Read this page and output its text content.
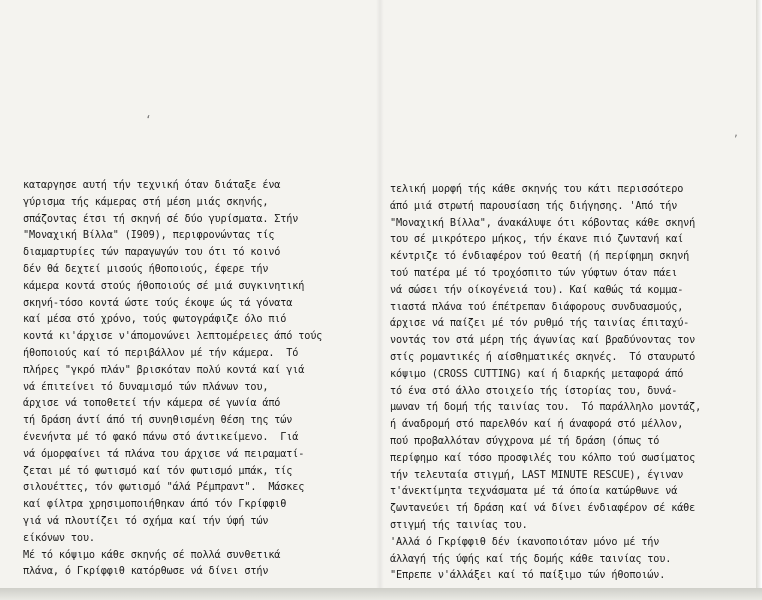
‘
‚
καταργησε αυτή τήν τεχνική όταν διάταξε ένα
γύρισμα τής κάμερας στή μέση μιάς σκηνής,
σπάζοντας έτσι τή σκηνή σέ δύο γυρίσματα. Στήν
"Μοναχική Βίλλα" (Ι909), περιφρονώντας τίς
διαμαρτυρίες τών παραγωγών του ότι τό κοινό
δέν θά δεχτεί μισούς ήθοποιούς, έφερε τήν
κάμερα κοντά στούς ήθοποιούς σέ μιά συγκινητική
σκηνή-τόσο κοντά ώστε τούς έκοψε ώς τά γόνατα
καί μέσα στό χρόνο, τούς φωτογράφιζε όλο πιό
κοντά κι'άρχισε ν'άπομονώνει λεπτομέρειες άπό τούς
ήθοποιούς καί τό περιβάλλον μέ τήν κάμερα.  Τό
πλήρες "γκρό πλάν" βρισκόταν πολύ κοντά καί γιά
νά έπιτείνει τό δυναμισμό τών πλάνων του,
άρχισε νά τοποθετεί τήν κάμερα σέ γωνία άπό
τή δράση άντί άπό τή συνηθισμένη θέση της τών
ένενήντα μέ τό φακό πάνω στό άντικείμενο.  Γιά
νά όμορφαίνει τά πλάνα του άρχισε νά πειραματί-
ζεται μέ τό φωτισμό καί τόν φωτισμό μπάκ, τίς
σιλουέττες, τόν φωτισμό "άλά Ρέμπραντ".  Μάσκες
καί φίλτρα χρησιμοποιήθηκαν άπό τόν Γκρίφφιθ
γιά νά πλουτίζει τό σχήμα καί τήν ύφή τών
είκόνων του.
Μέ τό κόψιμο κάθε σκηνής σέ πολλά συνθετικά
πλάνα, ό Γκρίφφιθ κατόρθωσε νά δίνει στήν
τελική μορφή τής κάθε σκηνής του κάτι περισσότερο
άπό μιά στρωτή παρουσίαση τής διήγησης. 'Από τήν
"Μοναχική Βίλλα", άνακάλυψε ότι κόβοντας κάθε σκηνή
του σέ μικρότερο μήκος, τήν έκανε πιό ζωντανή καί
κέντριζε τό ένδιαφέρον τού θεατή (ή περίφημη σκηνή
τού πατέρα μέ τό τροχόσπιτο τών γύφτων όταν πάει
νά σώσει τήν οίκογένειά του). Καί καθώς τά κομμα-
τιαστά πλάνα τού έπέτρεπαν διάφορους συνδυασμούς,
άρχισε νά παίζει μέ τόν ρυθμό τής ταινίας έπιταχύ-
νοντάς τον στά μέρη τής άγωνίας καί βραδύνοντας τον
στίς ρομαντικές ή αίσθηματικές σκηνές.  Τό σταυρωτό
κόψιμο (CROSS CUTTING) καί ή διαρκής μεταφορά άπό
τό ένα στό άλλο στοιχείο τής ίστορίας του, δυνά-
μωναν τή δομή τής ταινίας του.  Τό παράλληλο μοντάζ,
ή άναδρομή στό παρελθόν καί ή άναφορά στό μέλλον,
πού προβαλλόταν σύγχρονα μέ τή δράση (όπως τό
περίφημο καί τόσο προσφιλές του κόλπο τού σωσίματος
τήν τελευταία στιγμή, LAST MINUTE RESCUE), έγιναν
τ'άνεκτίμητα τεχνάσματα μέ τά όποία κατώρθωνε νά
ζωντανεύει τή δράση καί νά δίνει ένδιαφέρον σέ κάθε
στιγμή τής ταινίας του.
'Αλλά ό Γκρίφφιθ δέν ίκανοποιόταν μόνο μέ τήν
άλλαγή τής ύφής καί τής δομής κάθε ταινίας του.
"Επρεπε ν'άλλάξει καί τό παίξιμο τών ήθοποιών.
